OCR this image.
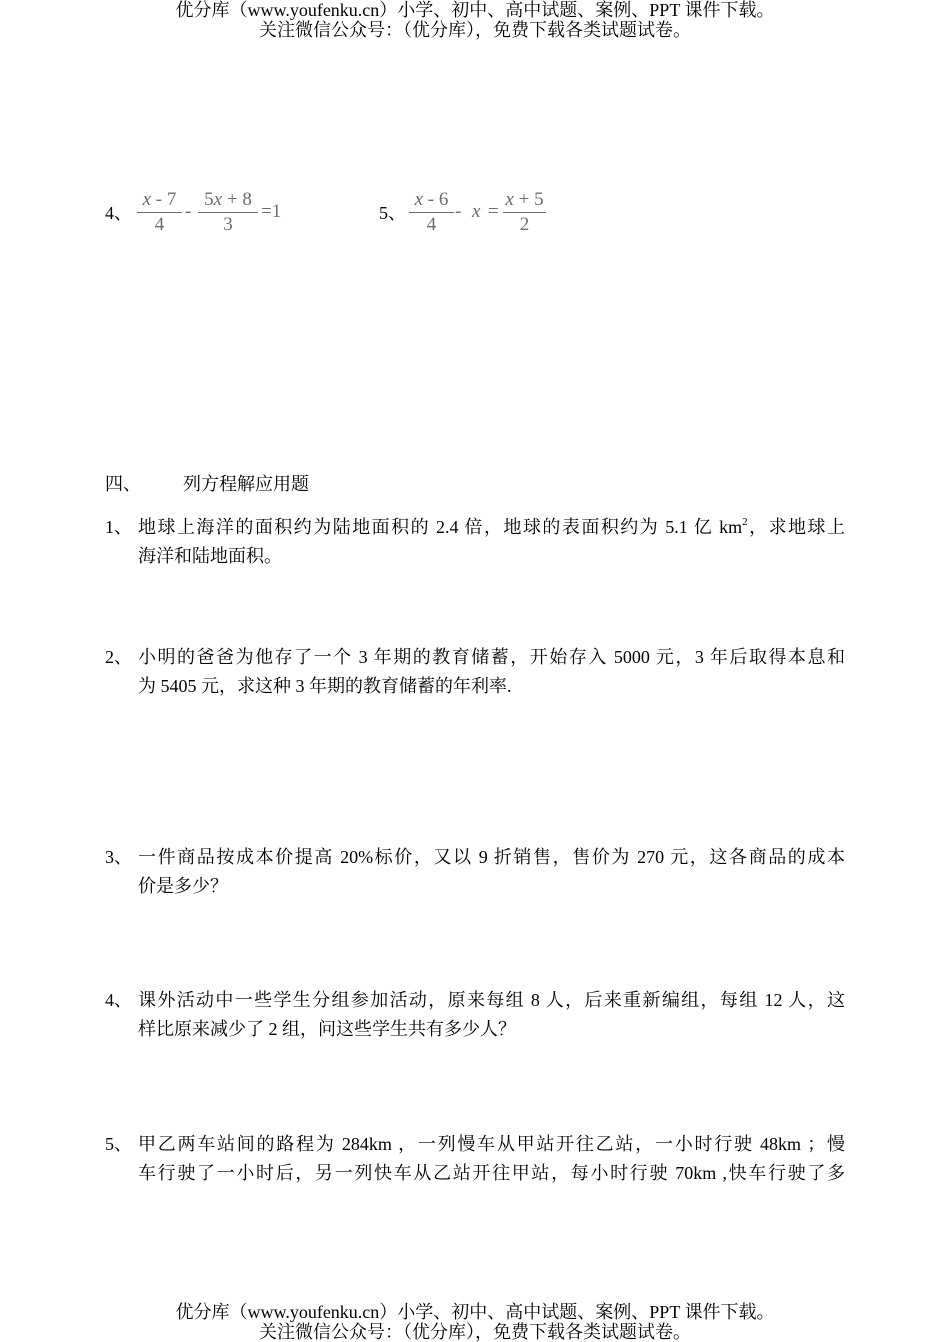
优分库（www.youfenku.cn）小学、初中、高中试题、案例、PPT 课件下载。
关注微信公众号：（优分库），免费下载各类试题试卷。
4、
x - 7
4
-
5x + 8
3
=1	5、
x - 6
4
- x =
x + 5
2
四、 列方程解应用题
1、 地球上海洋的面积约为陆地面积的 2.4 倍，地球的表面积约为 5.1 亿 $km^2$，求地球上
海洋和陆地面积。
2、 小明的爸爸为他存了一个 3 年期的教育储蓄，开始存入 5000 元，3 年后取得本息和
为 5405 元，求这种 3 年期的教育储蓄的年利率.
3、 一件商品按成本价提高 20%标价，又以 9 折销售，售价为 270 元，这各商品的成本
价是多少？
4、 课外活动中一些学生分组参加活动，原来每组 8 人，后来重新编组，每组 12 人，这
样比原来减少了 2 组，问这些学生共有多少人？
5、 甲乙两车站间的路程为 284km ，一列慢车从甲站开往乙站，一小时行驶 48km ；慢
车行驶了一小时后，另一列快车从乙站开往甲站，每小时行驶 70km ,快车行驶了多
优分库（www.youfenku.cn）小学、初中、高中试题、案例、PPT 课件下载。
关注微信公众号：（优分库），免费下载各类试题试卷。
